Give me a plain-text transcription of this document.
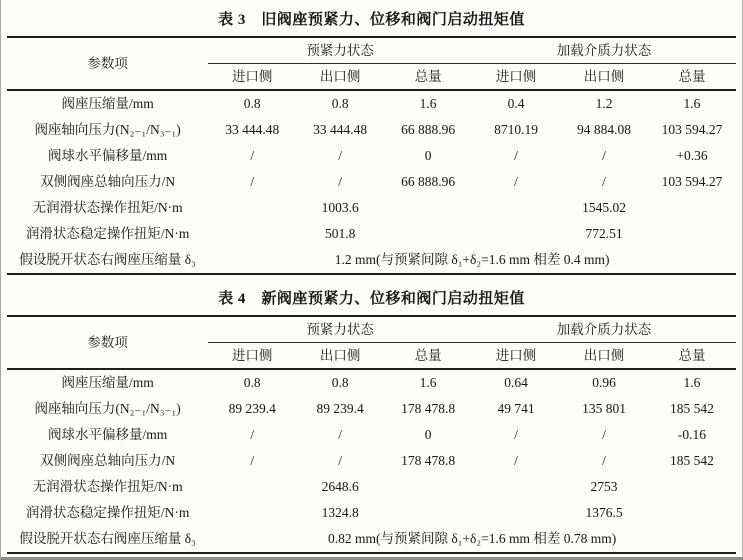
表 3　旧阀座预紧力、位移和阀门启动扭矩值
参数项	预紧力状态			加载介质力状态		
	进口侧	出口侧	总量	进口侧	出口侧	总量
阀座压缩量/mm	0.8	0.8	1.6	0.4	1.2	1.6
阀座轴向压力(N₂₋₁/N₃₋₁)	33 444.48	33 444.48	66 888.96	8710.19	94 884.08	103 594.27
阀球水平偏移量/mm	/	/	0	/	/	+0.36
双侧阀座总轴向压力/N	/	/	66 888.96	/	/	103 594.27
无润滑状态操作扭矩/N·m	1003.6			1545.02		
润滑状态稳定操作扭矩/N·m	501.8			772.51		
假设脱开状态右阀座压缩量 δ₃	1.2 mm(与预紧间隙 δ₁+δ₂=1.6 mm 相差 0.4 mm)					
表 4　新阀座预紧力、位移和阀门启动扭矩值
参数项	预紧力状态			加载介质力状态		
	进口侧	出口侧	总量	进口侧	出口侧	总量
阀座压缩量/mm	0.8	0.8	1.6	0.64	0.96	1.6
阀座轴向压力(N₂₋₁/N₃₋₁)	89 239.4	89 239.4	178 478.8	49 741	135 801	185 542
阀球水平偏移量/mm	/	/	0	/	/	-0.16
双侧阀座总轴向压力/N	/	/	178 478.8	/	/	185 542
无润滑状态操作扭矩/N·m	2648.6			2753		
润滑状态稳定操作扭矩/N·m	1324.8			1376.5		
假设脱开状态右阀座压缩量 δ₃	0.82 mm(与预紧间隙 δ₁+δ₂=1.6 mm 相差 0.78 mm)					
